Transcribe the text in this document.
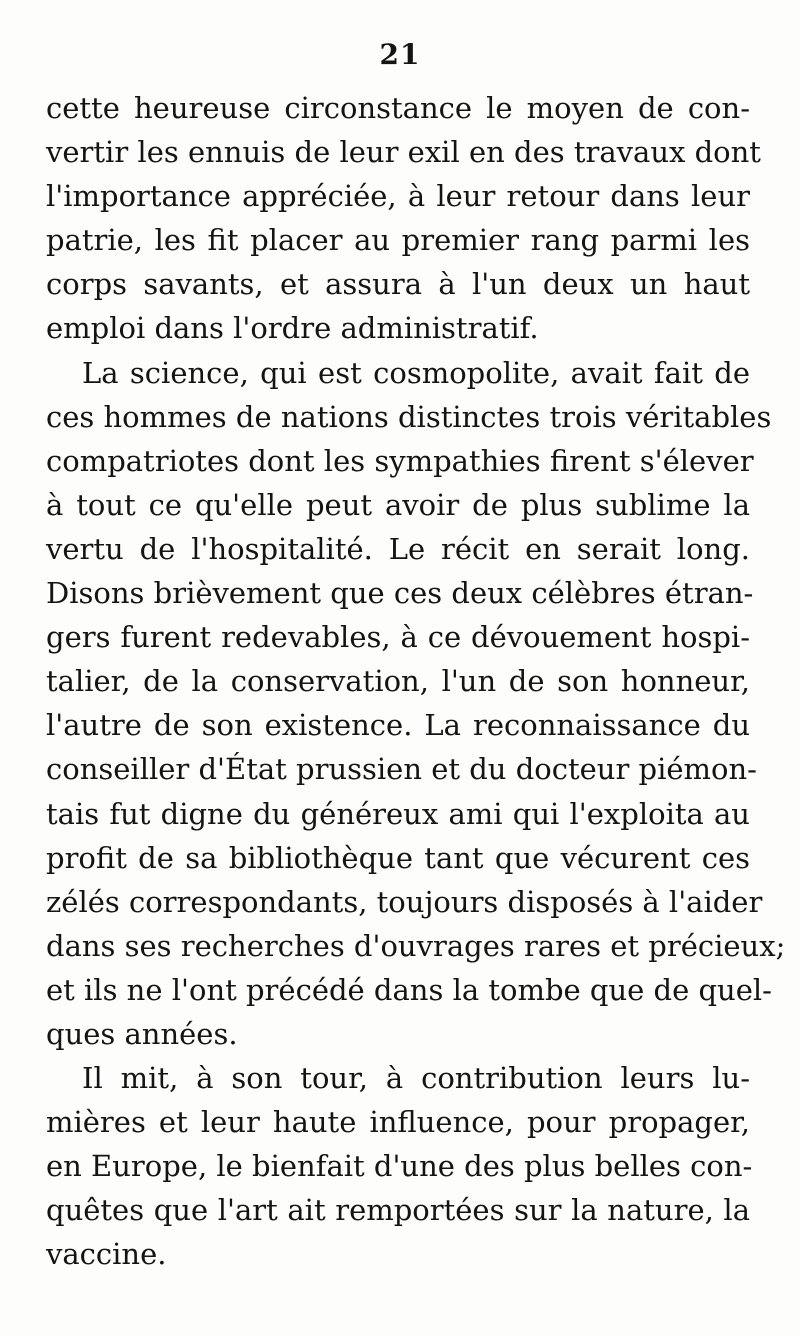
21
cette heureuse circonstance le moyen de con-
vertir les ennuis de leur exil en des travaux dont
l'importance appréciée, à leur retour dans leur
patrie, les fit placer au premier rang parmi les
corps savants, et assura à l'un deux un haut
emploi dans l'ordre administratif.
La science, qui est cosmopolite, avait fait de
ces hommes de nations distinctes trois véritables
compatriotes dont les sympathies firent s'élever
à tout ce qu'elle peut avoir de plus sublime la
vertu de l'hospitalité. Le récit en serait long.
Disons brièvement que ces deux célèbres étran-
gers furent redevables, à ce dévouement hospi-
talier, de la conservation, l'un de son honneur,
l'autre de son existence. La reconnaissance du
conseiller d'État prussien et du docteur piémon-
tais fut digne du généreux ami qui l'exploita au
profit de sa bibliothèque tant que vécurent ces
zélés correspondants, toujours disposés à l'aider
dans ses recherches d'ouvrages rares et précieux;
et ils ne l'ont précédé dans la tombe que de quel-
ques années.
Il mit, à son tour, à contribution leurs lu-
mières et leur haute influence, pour propager,
en Europe, le bienfait d'une des plus belles con-
quêtes que l'art ait remportées sur la nature, la
vaccine.
